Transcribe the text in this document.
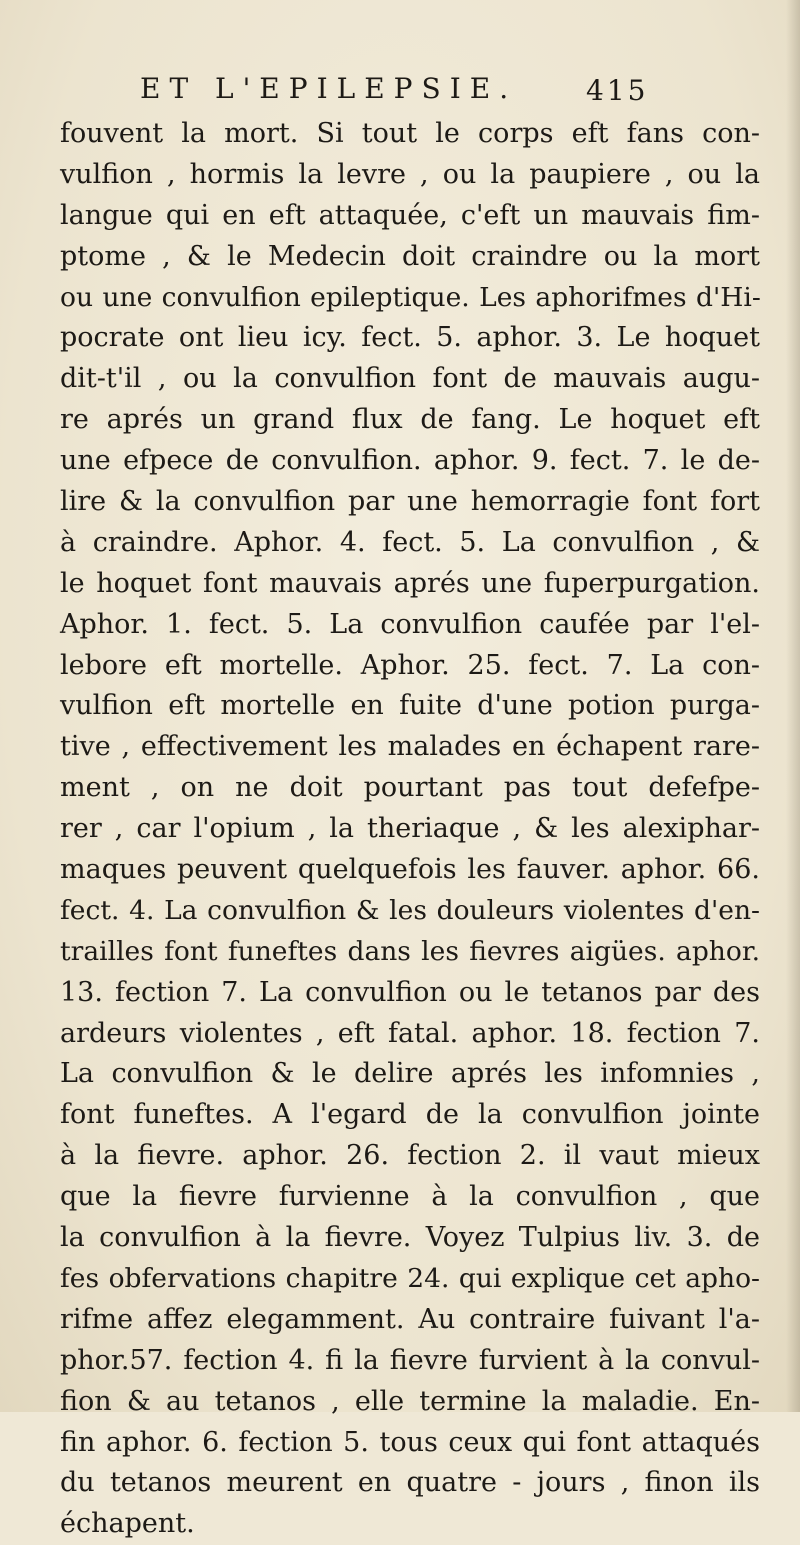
ET L'EPILEPSIE.	415
fouvent la mort. Si tout le corps eft fans con-
vulfion , hormis la levre , ou la paupiere , ou la
langue qui en eft attaquée, c'eft un mauvais fim-
ptome , & le Medecin doit craindre ou la mort
ou une convulfion epileptique. Les aphorifmes d'Hi-
pocrate ont lieu icy. fect. 5. aphor. 3. Le hoquet
dit-t'il , ou la convulfion font de mauvais augu-
re aprés un grand flux de fang. Le hoquet eft
une efpece de convulfion. aphor. 9. fect. 7. le de-
lire & la convulfion par une hemorragie font fort
à craindre. Aphor. 4. fect. 5. La convulfion , &
le hoquet font mauvais aprés une fuperpurgation.
Aphor. 1. fect. 5. La convulfion caufée par l'el-
lebore eft mortelle. Aphor. 25. fect. 7. La con-
vulfion eft mortelle en fuite d'une potion purga-
tive , effectivement les malades en échapent rare-
ment , on ne doit pourtant pas tout defefpe-
rer , car l'opium , la theriaque , & les alexiphar-
maques peuvent quelquefois les fauver. aphor. 66.
fect. 4. La convulfion & les douleurs violentes d'en-
trailles font funeftes dans les fievres aigües. aphor.
13. fection 7. La convulfion ou le tetanos par des
ardeurs violentes , eft fatal. aphor. 18. fection 7.
La convulfion & le delire aprés les infomnies ,
font funeftes. A l'egard de la convulfion jointe
à la fievre. aphor. 26. fection 2. il vaut mieux
que la fievre furvienne à la convulfion , que
la convulfion à la fievre. Voyez Tulpius liv. 3. de
fes obfervations chapitre 24. qui explique cet apho-
rifme affez elegamment. Au contraire fuivant l'a-
phor.57. fection 4. fi la fievre furvient à la convul-
fion & au tetanos , elle termine la maladie. En-
fin aphor. 6. fection 5. tous ceux qui font attaqués
du tetanos meurent en quatre - jours , finon ils
échapent.
